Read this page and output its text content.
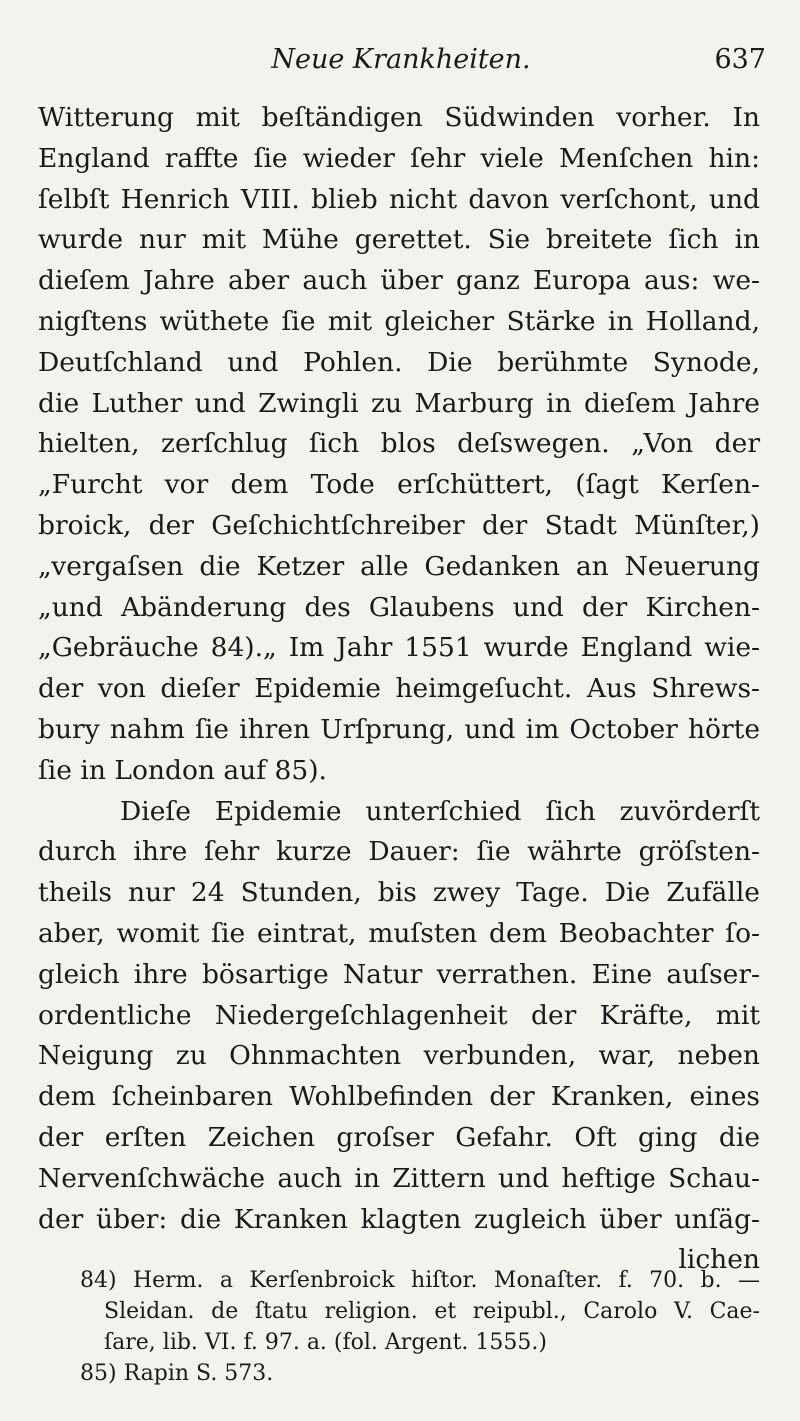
Neue Krankheiten.	637
Witterung mit beſtändigen Südwinden vorher. In
England raffte ſie wieder ſehr viele Menſchen hin:
ſelbſt Henrich VIII. blieb nicht davon verſchont, und
wurde nur mit Mühe gerettet. Sie breitete ſich in
dieſem Jahre aber auch über ganz Europa aus: we-
nigſtens wüthete ſie mit gleicher Stärke in Holland,
Deutſchland und Pohlen. Die berühmte Synode,
die Luther und Zwingli zu Marburg in dieſem Jahre
hielten, zerſchlug ſich blos deſswegen. „Von der
„Furcht vor dem Tode erſchüttert, (ſagt Kerſen-
broick, der Geſchichtſchreiber der Stadt Münſter,)
„vergaſsen die Ketzer alle Gedanken an Neuerung
„und Abänderung des Glaubens und der Kirchen-
„Gebräuche 84).„ Im Jahr 1551 wurde England wie-
der von dieſer Epidemie heimgeſucht. Aus Shrews-
bury nahm ſie ihren Urſprung, und im October hörte
ſie in London auf 85).
Dieſe Epidemie unterſchied ſich zuvörderſt
durch ihre ſehr kurze Dauer: ſie währte gröſsten-
theils nur 24 Stunden, bis zwey Tage. Die Zufälle
aber, womit ſie eintrat, muſsten dem Beobachter ſo-
gleich ihre bösartige Natur verrathen. Eine auſser-
ordentliche Niedergeſchlagenheit der Kräfte, mit
Neigung zu Ohnmachten verbunden, war, neben
dem ſcheinbaren Wohlbefinden der Kranken, eines
der erſten Zeichen groſser Gefahr. Oft ging die
Nervenſchwäche auch in Zittern und heftige Schau-
der über: die Kranken klagten zugleich über unſäg-
lichen
84) Herm. a Kerſenbroick hiſtor. Monaſter. f. 70. b. —
Sleidan. de ſtatu religion. et reipubl., Carolo V. Cae-
ſare, lib. VI. f. 97. a. (fol. Argent. 1555.)
85) Rapin S. 573.
